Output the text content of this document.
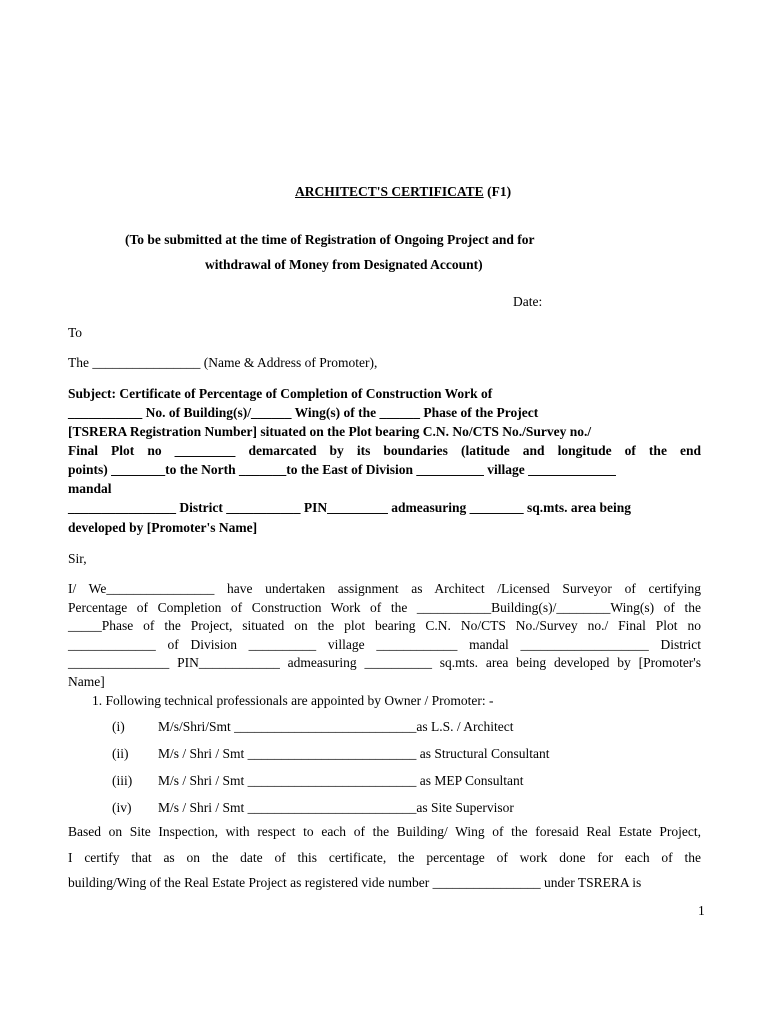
ARCHITECT'S CERTIFICATE (F1)
(To be submitted at the time of Registration of Ongoing Project and for
withdrawal of Money from Designated Account)
Date:
To
The ________________ (Name & Address of Promoter),
Subject: Certificate of Percentage of Completion of Construction Work of
___________ No. of Building(s)/______ Wing(s) of the ______ Phase of the Project
[TSRERA Registration Number] situated on the Plot bearing C.N. No/CTS No./Survey no./
Final Plot no _________ demarcated by its boundaries (latitude and longitude of the end
points) ________to the North _______to the East of Division __________ village _____________
mandal
________________ District ___________ PIN_________ admeasuring ________ sq.mts. area being
developed by [Promoter's Name]
Sir,
I/ We________________ have undertaken assignment as Architect /Licensed Surveyor of certifying
Percentage of Completion of Construction Work of the ___________Building(s)/________Wing(s) of the
_____Phase of the Project, situated on the plot bearing C.N. No/CTS No./Survey no./ Final Plot no
_____________ of Division __________ village ____________ mandal ___________________ District
_______________ PIN____________ admeasuring __________ sq.mts. area being developed by [Promoter's
Name]
1. Following technical professionals are appointed by Owner / Promoter: -
(i) M/s/Shri/Smt ___________________________as L.S. / Architect
(ii) M/s / Shri / Smt _________________________ as Structural Consultant
(iii) M/s / Shri / Smt _________________________ as MEP Consultant
(iv) M/s / Shri / Smt _________________________as Site Supervisor
Based on Site Inspection, with respect to each of the Building/ Wing of the foresaid Real Estate Project,
I certify that as on the date of this certificate, the percentage of work done for each of the
building/Wing of the Real Estate Project as registered vide number ________________ under TSRERA is
1
